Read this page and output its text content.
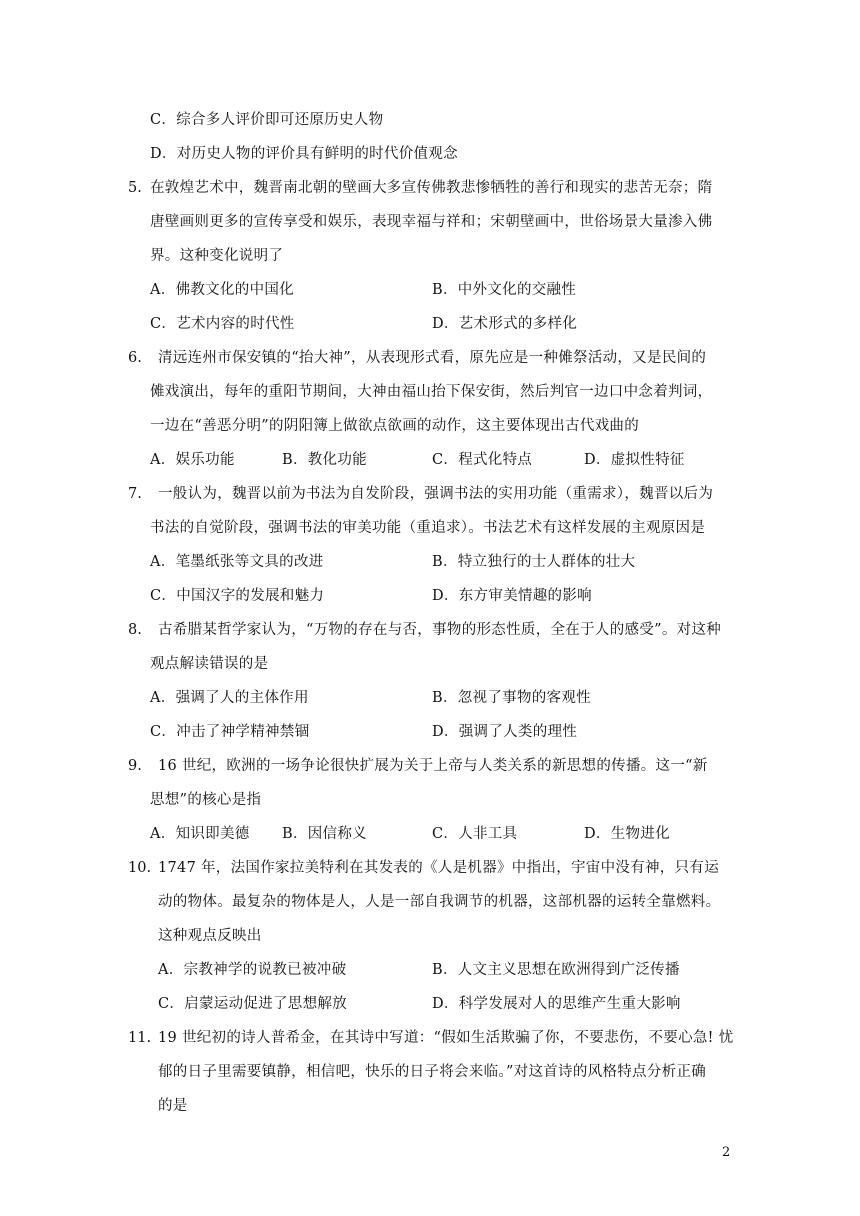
C．综合多人评价即可还原历史人物
D．对历史人物的评价具有鲜明的时代价值观念
5. 在敦煌艺术中，魏晋南北朝的壁画大多宣传佛教悲惨牺牲的善行和现实的悲苦无奈；隋
唐壁画则更多的宣传享受和娱乐，表现幸福与祥和；宋朝壁画中，世俗场景大量渗入佛
界。这种变化说明了
A．佛教文化的中国化	B．中外文化的交融性
C．艺术内容的时代性	D．艺术形式的多样化
6. 清远连州市保安镇的“抬大神”，从表现形式看，原先应是一种傩祭活动，又是民间的
傩戏演出，每年的重阳节期间，大神由福山抬下保安街，然后判官一边口中念着判词，
一边在“善恶分明”的阴阳簿上做欲点欲画的动作，这主要体现出古代戏曲的
A．娱乐功能	B．教化功能	C．程式化特点	D．虚拟性特征
7. 一般认为，魏晋以前为书法为自发阶段，强调书法的实用功能（重需求），魏晋以后为
书法的自觉阶段，强调书法的审美功能（重追求）。书法艺术有这样发展的主观原因是
A．笔墨纸张等文具的改进	B．特立独行的士人群体的壮大
C．中国汉字的发展和魅力	D．东方审美情趣的影响
8. 古希腊某哲学家认为，“万物的存在与否，事物的形态性质，全在于人的感受”。对这种
观点解读错误的是
A．强调了人的主体作用	B．忽视了事物的客观性
C．冲击了神学精神禁锢	D．强调了人类的理性
9. 16 世纪，欧洲的一场争论很快扩展为关于上帝与人类关系的新思想的传播。这一“新
思想”的核心是指
A．知识即美德 B．因信称义	C．人非工具	D．生物进化
10. 1747 年，法国作家拉美特利在其发表的《人是机器》中指出，宇宙中没有神，只有运
动的物体。最复杂的物体是人，人是一部自我调节的机器，这部机器的运转全靠燃料。
这种观点反映出
A．宗教神学的说教已被冲破	B．人文主义思想在欧洲得到广泛传播
C．启蒙运动促进了思想解放	D．科学发展对人的思维产生重大影响
11. 19 世纪初的诗人普希金，在其诗中写道：“假如生活欺骗了你，不要悲伤，不要心急! 忧
郁的日子里需要镇静，相信吧，快乐的日子将会来临。”对这首诗的风格特点分析正确
的是
2
